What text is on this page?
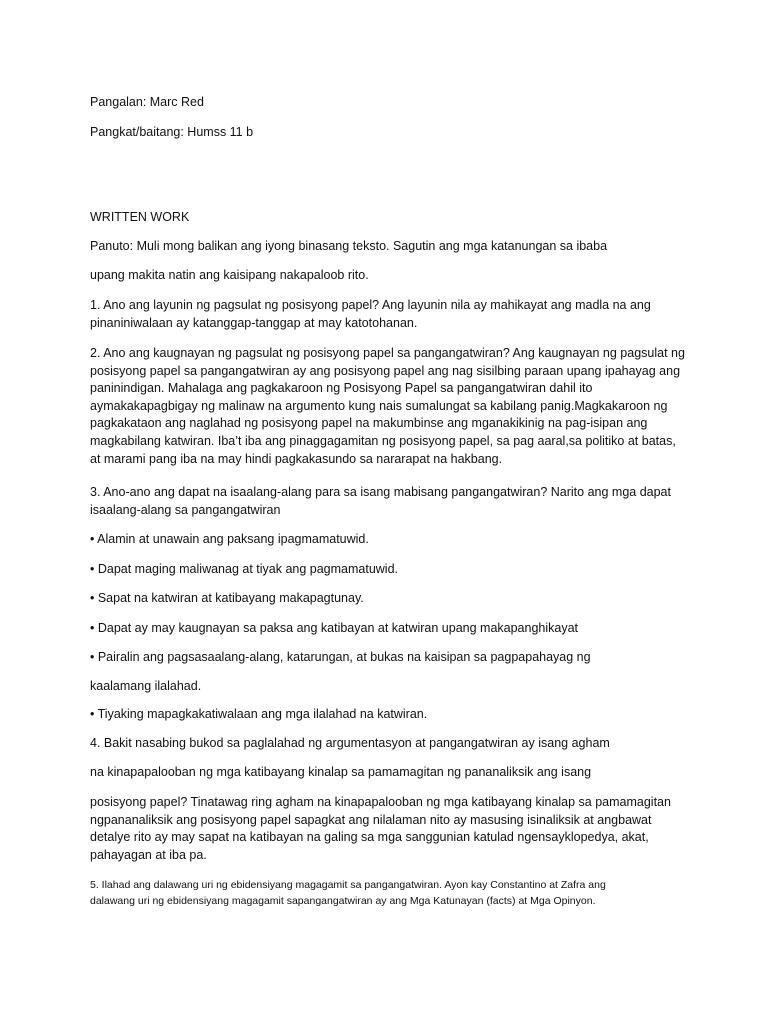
Pangalan: Marc Red
Pangkat/baitang: Humss 11 b
WRITTEN WORK
Panuto: Muli mong balikan ang iyong binasang teksto. Sagutin ang mga katanungan sa ibaba
upang makita natin ang kaisipang nakapaloob rito.
1. Ano ang layunin ng pagsulat ng posisyong papel? Ang layunin nila ay mahikayat ang madla na ang
pinaniniwalaan ay katanggap-tanggap at may katotohanan.
2. Ano ang kaugnayan ng pagsulat ng posisyong papel sa pangangatwiran? Ang kaugnayan ng pagsulat ng
posisyong papel sa pangangatwiran ay ang posisyong papel ang nag sisilbing paraan upang ipahayag ang
paninindigan. Mahalaga ang pagkakaroon ng Posisyong Papel sa pangangatwiran dahil ito
aymakakapagbigay ng malinaw na argumento kung nais sumalungat sa kabilang panig.Magkakaroon ng
pagkakataon ang naglahad ng posisyong papel na makumbinse ang mganakikinig na pag-isipan ang
magkabilang katwiran. Iba’t iba ang pinaggagamitan ng posisyong papel, sa pag aaral,sa politiko at batas,
at marami pang iba na may hindi pagkakasundo sa nararapat na hakbang.
3. Ano-ano ang dapat na isaalang-alang para sa isang mabisang pangangatwiran? Narito ang mga dapat
isaalang-alang sa pangangatwiran
• Alamin at unawain ang paksang ipagmamatuwid.
• Dapat maging maliwanag at tiyak ang pagmamatuwid.
• Sapat na katwiran at katibayang makapagtunay.
• Dapat ay may kaugnayan sa paksa ang katibayan at katwiran upang makapanghikayat
• Pairalin ang pagsasaalang-alang, katarungan, at bukas na kaisipan sa pagpapahayag ng
kaalamang ilalahad.
• Tiyaking mapagkakatiwalaan ang mga ilalahad na katwiran.
4. Bakit nasabing bukod sa paglalahad ng argumentasyon at pangangatwiran ay isang agham
na kinapapalooban ng mga katibayang kinalap sa pamamagitan ng pananaliksik ang isang
posisyong papel? Tinatawag ring agham na kinapapalooban ng mga katibayang kinalap sa pamamagitan
ngpananaliksik ang posisyong papel sapagkat ang nilalaman nito ay masusing isinaliksik at angbawat
detalye rito ay may sapat na katibayan na galing sa mga sanggunian katulad ngensayklopedya, akat,
pahayagan at iba pa.
5. Ilahad ang dalawang uri ng ebidensiyang magagamit sa pangangatwiran. Ayon kay Constantino at Zafra ang
dalawang uri ng ebidensiyang magagamit sapangangatwiran ay ang Mga Katunayan (facts) at Mga Opinyon.
